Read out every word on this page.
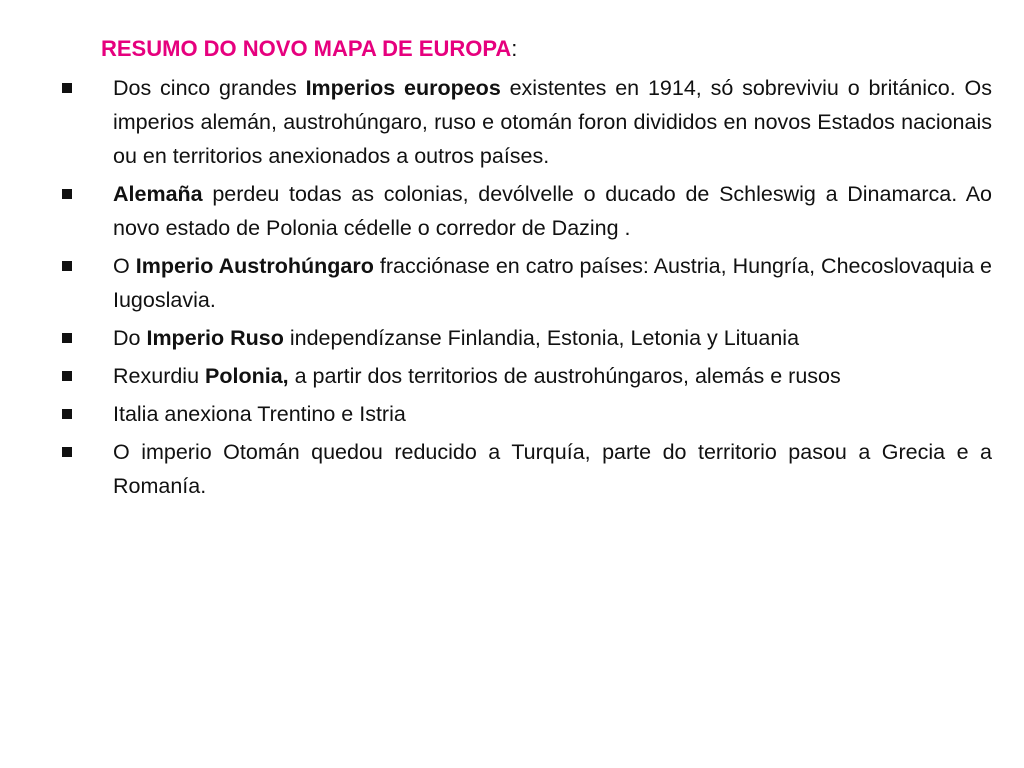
RESUMO DO NOVO MAPA DE EUROPA:
Dos cinco grandes Imperios europeos existentes en 1914, só sobreviviu o británico. Os imperios alemán, austrohúngaro, ruso e otomán foron divididos en novos Estados nacionais ou en territorios anexionados a outros países.
Alemaña perdeu todas as colonias, devólvelle o ducado de Schleswig a Dinamarca. Ao novo estado de Polonia cédelle o corredor de Dazing .
O Imperio Austrohúngaro fracciónase en catro países: Austria, Hungría, Checoslovaquia e Iugoslavia.
Do Imperio Ruso independízanse Finlandia, Estonia, Letonia y Lituania
Rexurdiu Polonia, a partir dos territorios de austrohúngaros, alemás e rusos
Italia anexiona Trentino e Istria
O imperio Otomán quedou reducido a Turquía, parte do territorio pasou a Grecia e a Romanía.
